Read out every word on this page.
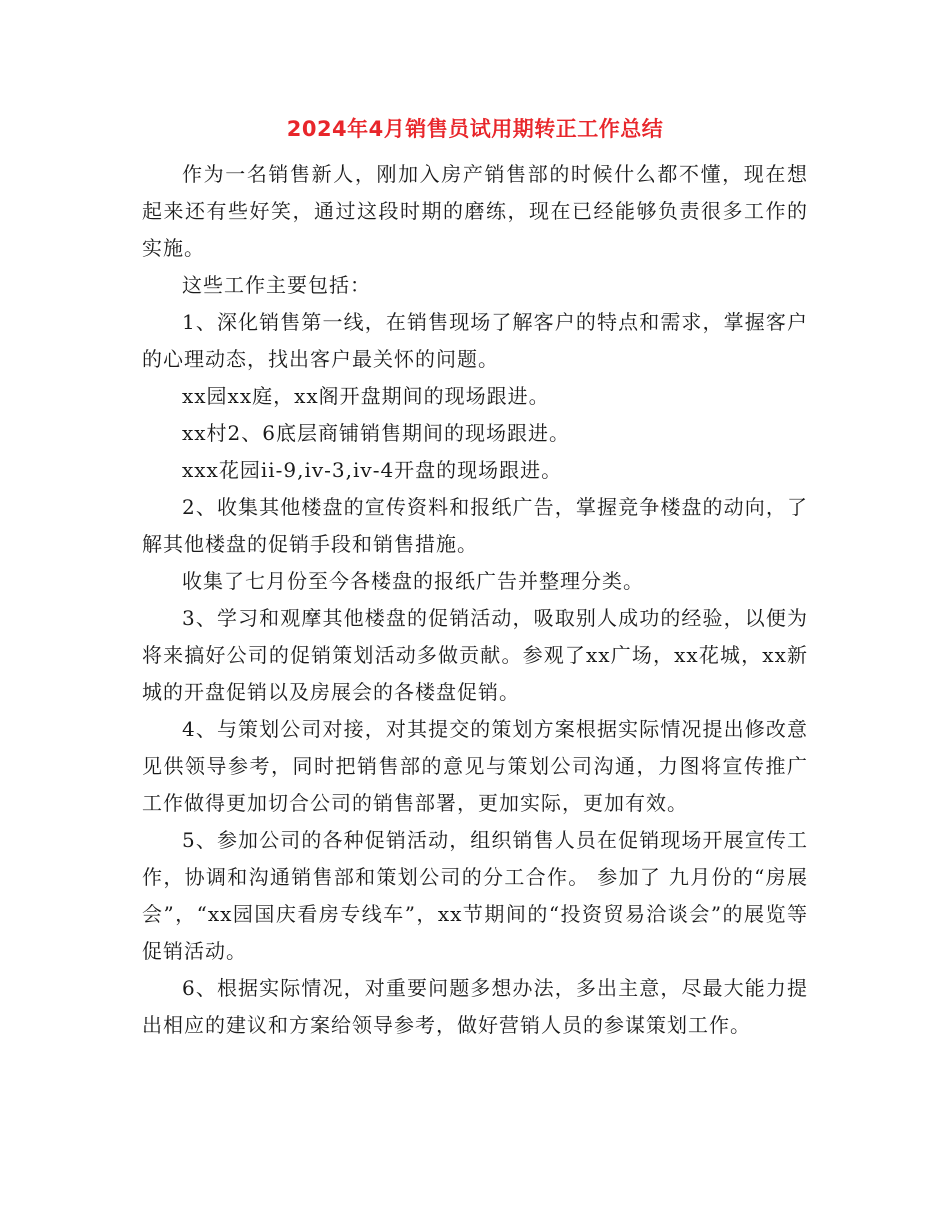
2024年4月销售员试用期转正工作总结

作为一名销售新人，刚加入房产销售部的时候什么都不懂，现在想起来还有些好笑，通过这段时期的磨练，现在已经能够负责很多工作的实施。

这些工作主要包括：

1、深化销售第一线，在销售现场了解客户的特点和需求，掌握客户的心理动态，找出客户最关怀的问题。

xx园xx庭，xx阁开盘期间的现场跟进。

xx村2、6底层商铺销售期间的现场跟进。

xxx花园ii-9,iv-3,iv-4开盘的现场跟进。

2、收集其他楼盘的宣传资料和报纸广告，掌握竞争楼盘的动向，了解其他楼盘的促销手段和销售措施。

收集了七月份至今各楼盘的报纸广告并整理分类。

3、学习和观摩其他楼盘的促销活动，吸取别人成功的经验，以便为将来搞好公司的促销策划活动多做贡献。参观了xx广场，xx花城，xx新城的开盘促销以及房展会的各楼盘促销。

4、与策划公司对接，对其提交的策划方案根据实际情况提出修改意见供领导参考，同时把销售部的意见与策划公司沟通，力图将宣传推广工作做得更加切合公司的销售部署，更加实际，更加有效。

5、参加公司的各种促销活动，组织销售人员在促销现场开展宣传工作，协调和沟通销售部和策划公司的分工合作。 参加了 九月份的“房展会”，“xx园国庆看房专线车”，xx节期间的“投资贸易洽谈会”的展览等促销活动。

6、根据实际情况，对重要问题多想办法，多出主意，尽最大能力提出相应的建议和方案给领导参考，做好营销人员的参谋策划工作。
